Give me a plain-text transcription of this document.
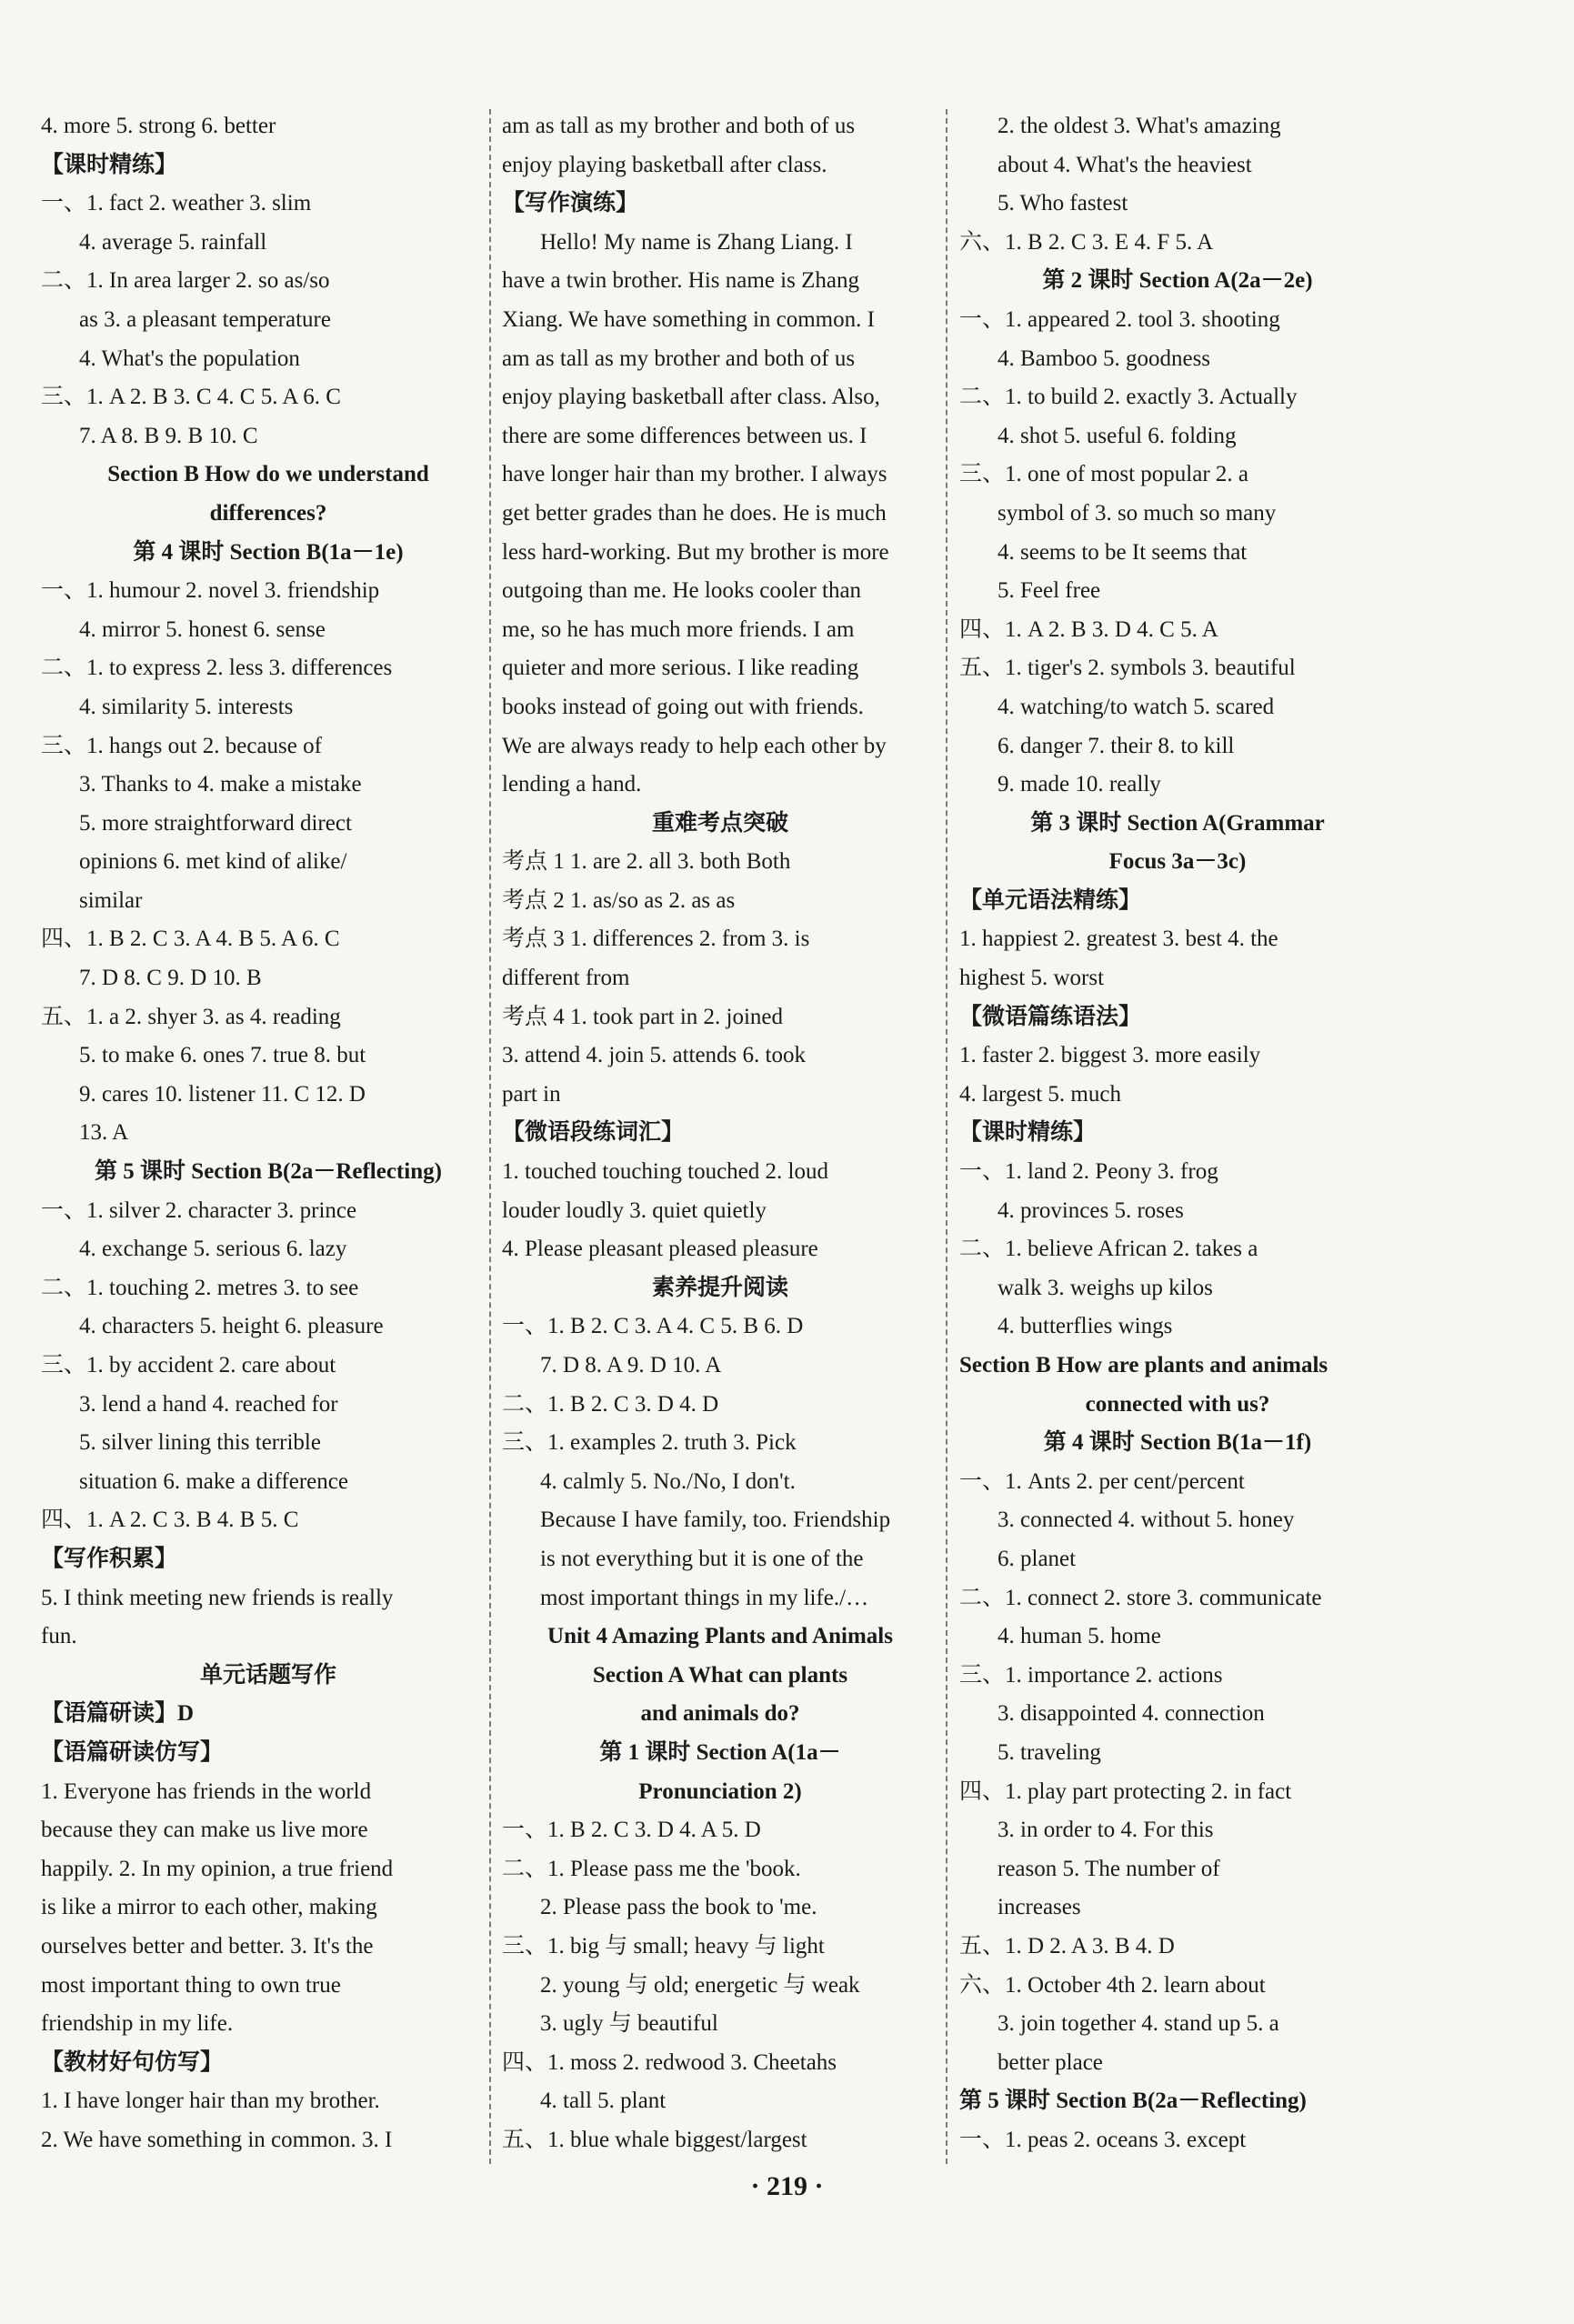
4. more 5. strong 6. better
【课时精练】
一、1. fact 2. weather 3. slim
4. average 5. rainfall
二、1. In area larger 2. so as/so
as 3. a pleasant temperature
4. What's the population
三、1. A 2. B 3. C 4. C 5. A 6. C
7. A 8. B 9. B 10. C
Section B How do we understand
differences?
第 4 课时 Section B(1a－1e)
一、1. humour 2. novel 3. friendship
4. mirror 5. honest 6. sense
二、1. to express 2. less 3. differences
4. similarity 5. interests
三、1. hangs out 2. because of
3. Thanks to 4. make a mistake
5. more straightforward direct
opinions 6. met kind of alike/
similar
四、1. B 2. C 3. A 4. B 5. A 6. C
7. D 8. C 9. D 10. B
五、1. a 2. shyer 3. as 4. reading
5. to make 6. ones 7. true 8. but
9. cares 10. listener 11. C 12. D
13. A
第 5 课时 Section B(2a－Reflecting)
一、1. silver 2. character 3. prince
4. exchange 5. serious 6. lazy
二、1. touching 2. metres 3. to see
4. characters 5. height 6. pleasure
三、1. by accident 2. care about
3. lend a hand 4. reached for
5. silver lining this terrible
situation 6. make a difference
四、1. A 2. C 3. B 4. B 5. C
【写作积累】
5. I think meeting new friends is really
fun.
单元话题写作
【语篇研读】D
【语篇研读仿写】
1. Everyone has friends in the world
because they can make us live more
happily. 2. In my opinion, a true friend
is like a mirror to each other, making
ourselves better and better. 3. It's the
most important thing to own true
friendship in my life.
【教材好句仿写】
1. I have longer hair than my brother.
2. We have something in common. 3. I
am as tall as my brother and both of us
enjoy playing basketball after class.
【写作演练】
Hello! My name is Zhang Liang. I
have a twin brother. His name is Zhang
Xiang. We have something in common. I
am as tall as my brother and both of us
enjoy playing basketball after class. Also,
there are some differences between us. I
have longer hair than my brother. I always
get better grades than he does. He is much
less hard-working. But my brother is more
outgoing than me. He looks cooler than
me, so he has much more friends. I am
quieter and more serious. I like reading
books instead of going out with friends.
We are always ready to help each other by
lending a hand.
重难考点突破
考点 1 1. are 2. all 3. both Both
考点 2 1. as/so as 2. as as
考点 3 1. differences 2. from 3. is
different from
考点 4 1. took part in 2. joined
3. attend 4. join 5. attends 6. took
part in
【微语段练词汇】
1. touched touching touched 2. loud
louder loudly 3. quiet quietly
4. Please pleasant pleased pleasure
素养提升阅读
一、1. B 2. C 3. A 4. C 5. B 6. D
7. D 8. A 9. D 10. A
二、1. B 2. C 3. D 4. D
三、1. examples 2. truth 3. Pick
4. calmly 5. No./No, I don't.
Because I have family, too. Friendship
is not everything but it is one of the
most important things in my life./…
Unit 4 Amazing Plants and Animals
Section A What can plants
and animals do?
第 1 课时 Section A(1a－
Pronunciation 2)
一、1. B 2. C 3. D 4. A 5. D
二、1. Please pass me the 'book.
2. Please pass the book to 'me.
三、1. big 与 small; heavy 与 light
2. young 与 old; energetic 与 weak
3. ugly 与 beautiful
四、1. moss 2. redwood 3. Cheetahs
4. tall 5. plant
五、1. blue whale biggest/largest
2. the oldest 3. What's amazing
about 4. What's the heaviest
5. Who fastest
六、1. B 2. C 3. E 4. F 5. A
第 2 课时 Section A(2a－2e)
一、1. appeared 2. tool 3. shooting
4. Bamboo 5. goodness
二、1. to build 2. exactly 3. Actually
4. shot 5. useful 6. folding
三、1. one of most popular 2. a
symbol of 3. so much so many
4. seems to be It seems that
5. Feel free
四、1. A 2. B 3. D 4. C 5. A
五、1. tiger's 2. symbols 3. beautiful
4. watching/to watch 5. scared
6. danger 7. their 8. to kill
9. made 10. really
第 3 课时 Section A(Grammar
Focus 3a－3c)
【单元语法精练】
1. happiest 2. greatest 3. best 4. the
highest 5. worst
【微语篇练语法】
1. faster 2. biggest 3. more easily
4. largest 5. much
【课时精练】
一、1. land 2. Peony 3. frog
4. provinces 5. roses
二、1. believe African 2. takes a
walk 3. weighs up kilos
4. butterflies wings
Section B How are plants and animals
connected with us?
第 4 课时 Section B(1a－1f)
一、1. Ants 2. per cent/percent
3. connected 4. without 5. honey
6. planet
二、1. connect 2. store 3. communicate
4. human 5. home
三、1. importance 2. actions
3. disappointed 4. connection
5. traveling
四、1. play part protecting 2. in fact
3. in order to 4. For this
reason 5. The number of
increases
五、1. D 2. A 3. B 4. D
六、1. October 4th 2. learn about
3. join together 4. stand up 5. a
better place
第 5 课时 Section B(2a－Reflecting)
一、1. peas 2. oceans 3. except
· 219 ·
